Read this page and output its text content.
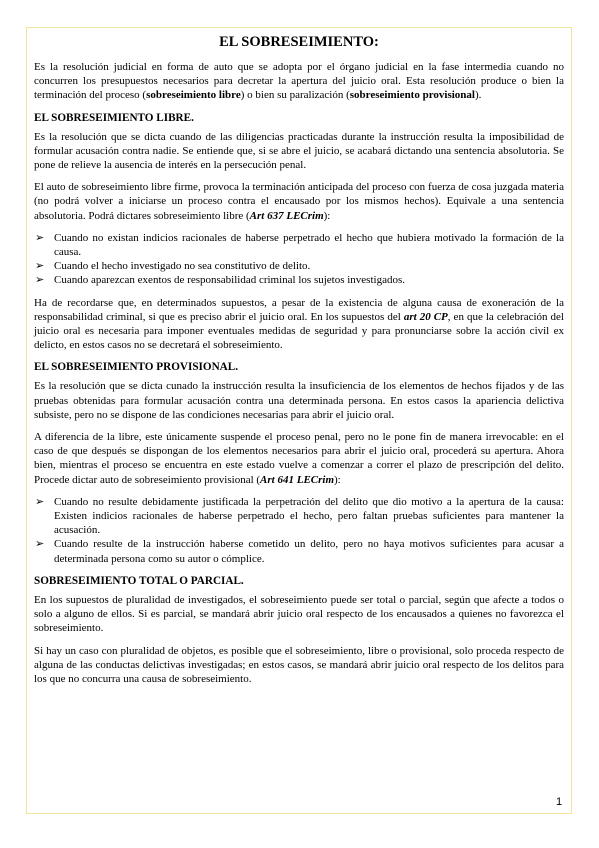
EL SOBRESEIMIENTO:

Es la resolución judicial en forma de auto que se adopta por el órgano judicial en la fase intermedia cuando no concurren los presupuestos necesarios para decretar la apertura del juicio oral. Esta resolución produce o bien la terminación del proceso (sobreseimiento libre) o bien su paralización (sobreseimiento provisional).

EL SOBRESEIMIENTO LIBRE.

Es la resolución que se dicta cuando de las diligencias practicadas durante la instrucción resulta la imposibilidad de formular acusación contra nadie. Se entiende que, si se abre el juicio, se acabará dictando una sentencia absolutoria. Se pone de relieve la ausencia de interés en la persecución penal.

El auto de sobreseimiento libre firme, provoca la terminación anticipada del proceso con fuerza de cosa juzgada materia (no podrá volver a iniciarse un proceso contra el encausado por los mismos hechos). Equivale a una sentencia absolutoria. Podrá dictares sobreseimiento libre (Art 637 LECrim):

➢ Cuando no existan indicios racionales de haberse perpetrado el hecho que hubiera motivado la formación de la causa.
➢ Cuando el hecho investigado no sea constitutivo de delito.
➢ Cuando aparezcan exentos de responsabilidad criminal los sujetos investigados.

Ha de recordarse que, en determinados supuestos, a pesar de la existencia de alguna causa de exoneración de la responsabilidad criminal, si que es preciso abrir el juicio oral. En los supuestos del art 20 CP, en que la celebración del juicio oral es necesaria para imponer eventuales medidas de seguridad y para pronunciarse sobre la acción civil ex delicto, en estos casos no se decretará el sobreseimiento.

EL SOBRESEIMIENTO PROVISIONAL.

Es la resolución que se dicta cunado la instrucción resulta la insuficiencia de los elementos de hechos fijados y de las pruebas obtenidas para formular acusación contra una determinada persona. En estos casos la apariencia delictiva subsiste, pero no se dispone de las condiciones necesarias para abrir el juicio oral.

A diferencia de la libre, este únicamente suspende el proceso penal, pero no le pone fin de manera irrevocable: en el caso de que después se dispongan de los elementos necesarios para abrir el juicio oral, procederá su apertura. Ahora bien, mientras el proceso se encuentra en este estado vuelve a comenzar a correr el plazo de prescripción del delito. Procede dictar auto de sobreseimiento provisional (Art 641 LECrim):

➢ Cuando no resulte debidamente justificada la perpetración del delito que dio motivo a la apertura de la causa: Existen indicios racionales de haberse perpetrado el hecho, pero faltan pruebas suficientes para mantener la acusación.
➢ Cuando resulte de la instrucción haberse cometido un delito, pero no haya motivos suficientes para acusar a determinada persona como su autor o cómplice.
SOBRESEIMIENTO TOTAL O PARCIAL.

En los supuestos de pluralidad de investigados, el sobreseimiento puede ser total o parcial, según que afecte a todos o solo a alguno de ellos. Si es parcial, se mandará abrir juicio oral respecto de los encausados a quienes no favorezca el sobreseimiento.

Si hay un caso con pluralidad de objetos, es posible que el sobreseimiento, libre o provisional, solo proceda respecto de alguna de las conductas delictivas investigadas; en estos casos, se mandará abrir juicio oral respecto de los delitos para los que no concurra una causa de sobreseimiento.

1
